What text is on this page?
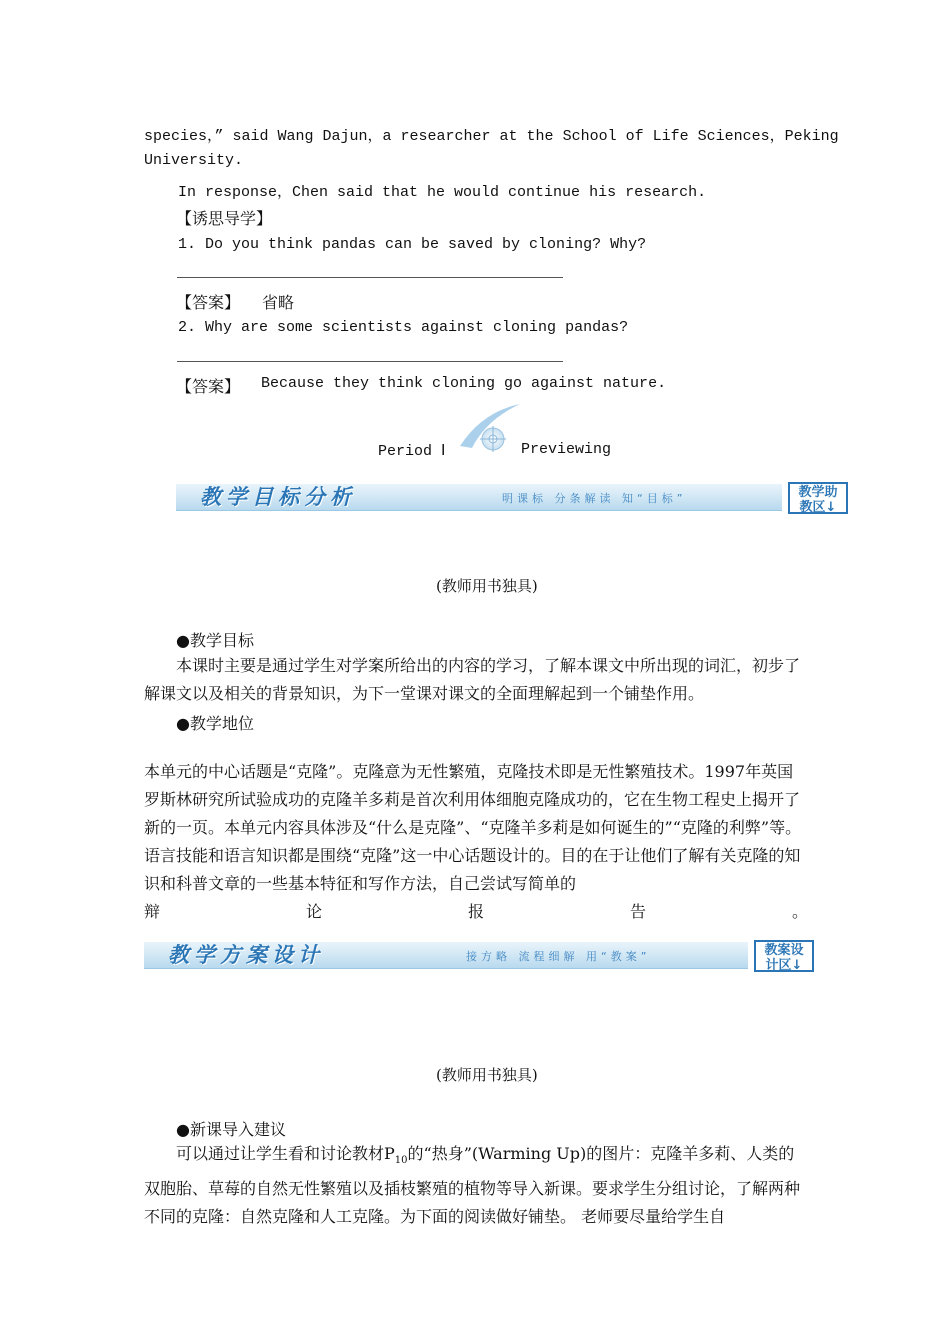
species，” said Wang Dajun，a researcher at the School of Life Sciences，Peking
University.
In response，Chen said that he would continue his research.
【诱思导学】
1. Do you think pandas can be saved by cloning? Why?
【答案】 省略
2. Why are some scientists against cloning pandas?
【答案】 Because they think cloning go against nature.
Period Ⅰ	Previewing
教学目标分析	明课标 分条解读 知“目标”	教学助
教区↓
(教师用书独具)
●教学目标
　　本课时主要是通过学生对学案所给出的内容的学习，了解本课文中所出现的词汇，初步了解课文以及相关的背景知识，为下一堂课对课文的全面理解起到一个铺垫作用。
●教学地位
本单元的中心话题是“克隆”。克隆意为无性繁殖，克隆技术即是无性繁殖技术。1997年英国罗斯林研究所试验成功的克隆羊多莉是首次利用体细胞克隆成功的，它在生物工程史上揭开了新的一页。本单元内容具体涉及“什么是克隆”、“克隆羊多莉是如何诞生的”“克隆的利弊”等。语言技能和语言知识都是围绕“克隆”这一中心话题设计的。目的在于让他们了解有关克隆的知识和科普文章的一些基本特征和写作方法，自己尝试写简单的
辩论报告。
教学方案设计	接方略 流程细解 用“教案”	教案设
计区↓
(教师用书独具)
●新课导入建议
　　可以通过让学生看和讨论教材$P_{10}$的“热身”(Warming Up)的图片：克隆羊多莉、人类的双胞胎、草莓的自然无性繁殖以及插枝繁殖的植物等导入新课。要求学生分组讨论，了解两种不同的克隆：自然克隆和人工克隆。为下面的阅读做好铺垫。 老师要尽量给学生自
